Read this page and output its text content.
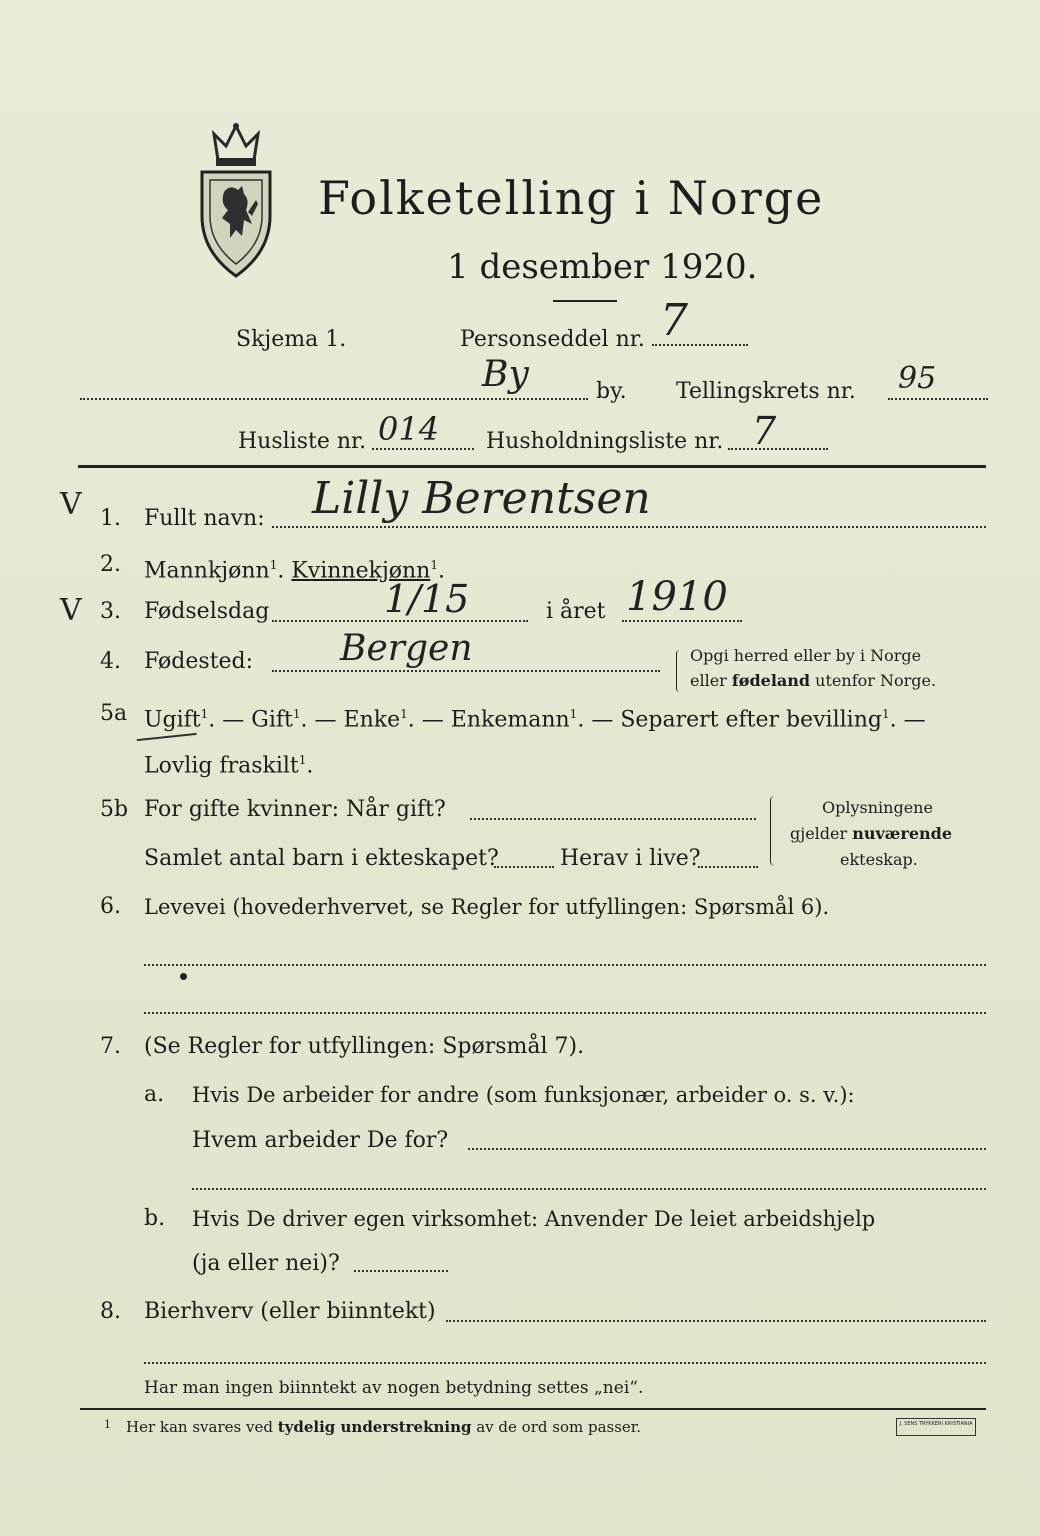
Folketelling i Norge
1 desember 1920.
Skjema 1.	Personseddel nr. 7
By	by. Tellingskrets nr. 95
Husliste nr. 014 Husholdningsliste nr. 7
V 1. Fullt navn: Lilly Berentsen
2. Mannkjønn$^1$. Kvinnekjønn$^1$.
V 3. Fødselsdag	1/15	i året 1910
4. Fødested: Bergen	Opgi herred eller by i Norge
eller fødeland utenfor Norge.
5a Ugift$^1$. — Gift$^1$. — Enke$^1$. — Enkemann$^1$. — Separert efter bevilling$^1$. —
Lovlig fraskilt$^1$.
5b For gifte kvinner: Når gift?
Samlet antal barn i ekteskapet?	Herav i live?
Oplysningene
gjelder nuværende
ekteskap.
6. Levevei (hovederhvervet, se Regler for utfyllingen: Spørsmål 6).
7. (Se Regler for utfyllingen: Spørsmål 7).
a. Hvis De arbeider for andre (som funksjonær, arbeider o. s. v.):
Hvem arbeider De for?
b. Hvis De driver egen virksomhet: Anvender De leiet arbeidshjelp
(ja eller nei)?
8. Bierhverv (eller biinntekt)
Har man ingen biinntekt av nogen betydning settes „nei“.
1 Her kan svares ved tydelig understrekning av de ord som passer.	J. SENS TRYKKERI KRISTIANIA
